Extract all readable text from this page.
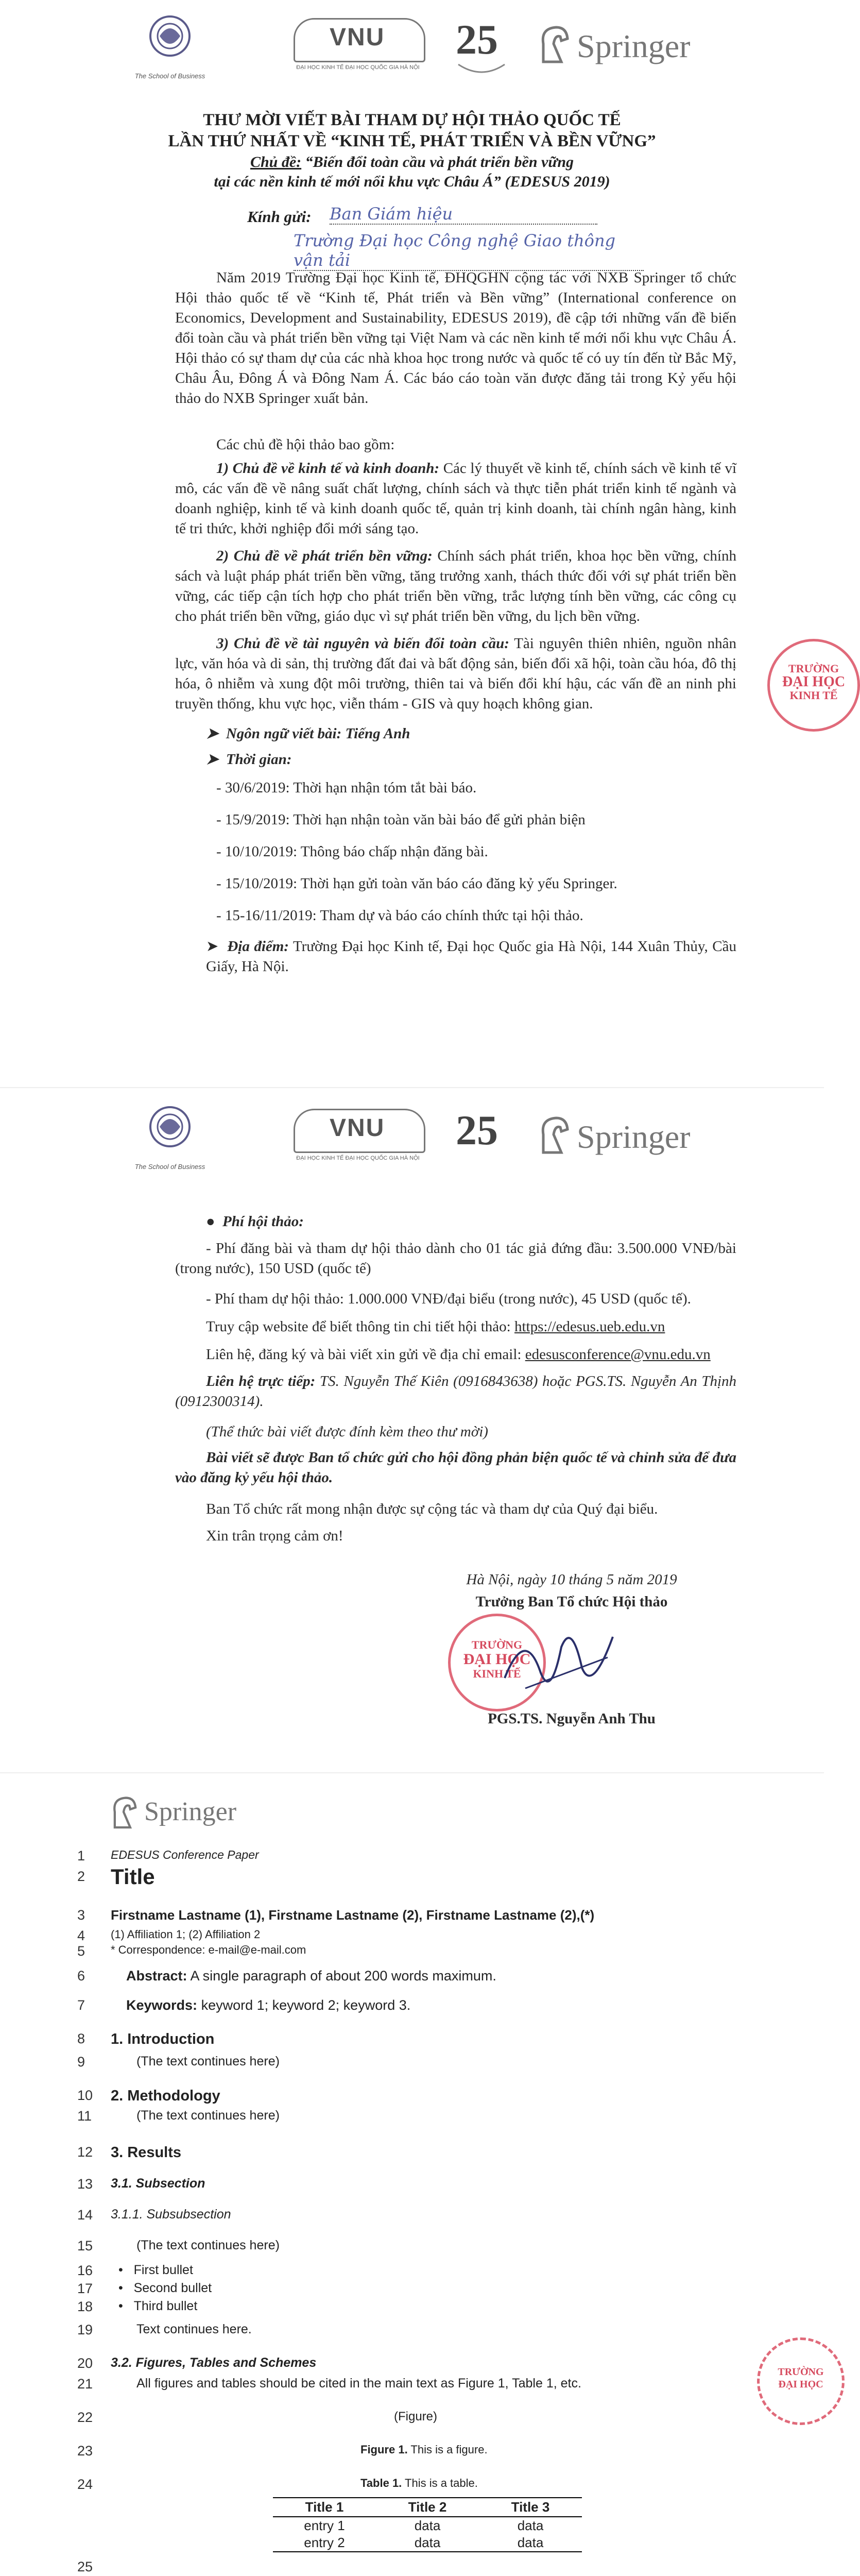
The School of Business
VNU
ĐẠI HỌC KINH TẾ ĐẠI HỌC QUỐC GIA HÀ NỘI
25 Springer
THƯ MỜI VIẾT BÀI THAM DỰ HỘI THẢO QUỐC TẾ
LẦN THỨ NHẤT VỀ “KINH TẾ, PHÁT TRIỂN VÀ BỀN VỮNG”
Chủ đề: “Biến đổi toàn cầu và phát triển bền vững
tại các nền kinh tế mới nổi khu vực Châu Á” (EDESUS 2019)
Kính gửi: Ban Giám hiệu
Trường Đại học Công nghệ Giao thông vận tải
Năm 2019 Trường Đại học Kinh tế, ĐHQGHN cộng tác với NXB Springer tổ chức Hội thảo quốc tế về “Kinh tế, Phát triển và Bền vững” (International conference on Economics, Development and Sustainability, EDESUS 2019), đề cập tới những vấn đề biến đổi toàn cầu và phát triển bền vững tại Việt Nam và các nền kinh tế mới nổi khu vực Châu Á. Hội thảo có sự tham dự của các nhà khoa học trong nước và quốc tế có uy tín đến từ Bắc Mỹ, Châu Âu, Đông Á và Đông Nam Á. Các báo cáo toàn văn được đăng tải trong Kỷ yếu hội thảo do NXB Springer xuất bản.
Các chủ đề hội thảo bao gồm:
1) Chủ đề về kinh tế và kinh doanh: Các lý thuyết về kinh tế, chính sách về kinh tế vĩ mô, các vấn đề về nâng suất chất lượng, chính sách và thực tiễn phát triển kinh tế ngành và doanh nghiệp, kinh tế và kinh doanh quốc tế, quản trị kinh doanh, tài chính ngân hàng, kinh tế tri thức, khởi nghiệp đổi mới sáng tạo.
2) Chủ đề về phát triển bền vững: Chính sách phát triển, khoa học bền vững, chính sách và luật pháp phát triển bền vững, tăng trưởng xanh, thách thức đối với sự phát triển bền vững, các tiếp cận tích hợp cho phát triển bền vững, trắc lượng tính bền vững, các công cụ cho phát triển bền vững, giáo dục vì sự phát triển bền vững, du lịch bền vững.
3) Chủ đề về tài nguyên và biến đổi toàn cầu: Tài nguyên thiên nhiên, nguồn nhân lực, văn hóa và di sản, thị trường đất đai và bất động sản, biến đổi xã hội, toàn cầu hóa, đô thị hóa, ô nhiễm và xung đột môi trường, thiên tai và biến đổi khí hậu, các vấn đề an ninh phi truyền thống, khu vực học, viễn thám - GIS và quy hoạch không gian.
➤  Ngôn ngữ viết bài: Tiếng Anh
➤  Thời gian:
- 30/6/2019: Thời hạn nhận tóm tắt bài báo.
- 15/9/2019: Thời hạn nhận toàn văn bài báo để gửi phản biện
- 10/10/2019: Thông báo chấp nhận đăng bài.
- 15/10/2019: Thời hạn gửi toàn văn báo cáo đăng kỷ yếu Springer.
- 15-16/11/2019: Tham dự và báo cáo chính thức tại hội thảo.
➤  Địa điểm: Trường Đại học Kinh tế, Đại học Quốc gia Hà Nội, 144 Xuân Thủy, Cầu Giấy, Hà Nội.
TRƯỜNG
ĐẠI HỌC
KINH TẾ
The School of Business
VNU
ĐẠI HỌC KINH TẾ ĐẠI HỌC QUỐC GIA HÀ NỘI
25 Springer
●  Phí hội thảo:
- Phí đăng bài và tham dự hội thảo dành cho 01 tác giả đứng đầu: 3.500.000 VNĐ/bài (trong nước), 150 USD (quốc tế)
- Phí tham dự hội thảo: 1.000.000 VNĐ/đại biểu (trong nước), 45 USD (quốc tế).
Truy cập website để biết thông tin chi tiết hội thảo: https://edesus.ueb.edu.vn
Liên hệ, đăng ký và bài viết xin gửi về địa chỉ email: edesusconference@vnu.edu.vn
Liên hệ trực tiếp: TS. Nguyễn Thế Kiên (0916843638) hoặc PGS.TS. Nguyễn An Thịnh (0912300314).
(Thể thức bài viết được đính kèm theo thư mời)
Bài viết sẽ được Ban tổ chức gửi cho hội đồng phản biện quốc tế và chỉnh sửa để đưa vào đăng kỷ yếu hội thảo.
Ban Tổ chức rất mong nhận được sự cộng tác và tham dự của Quý đại biểu.
Xin trân trọng cảm ơn!
Hà Nội, ngày 10 tháng 5 năm 2019
Trưởng Ban Tổ chức Hội thảo
TRƯỜNG
ĐẠI HỌC
KINH TẾ
PGS.TS. Nguyễn Anh Thu
Springer
1	EDESUS Conference Paper
2	Title
3	Firstname Lastname (1), Firstname Lastname (2), Firstname Lastname (2),(*)
4	(1) Affiliation 1; (2) Affiliation 2
5	* Correspondence: e-mail@e-mail.com
6	Abstract: A single paragraph of about 200 words maximum.
7	Keywords: keyword 1; keyword 2; keyword 3.
8	1. Introduction
9	(The text continues here)
10	2. Methodology
11	(The text continues here)
12	3. Results
13	3.1. Subsection
14	3.1.1. Subsubsection
15	(The text continues here)
16	•   First bullet
17	•   Second bullet
18	•   Third bullet
19	Text continues here.
20	3.2. Figures, Tables and Schemes
21	All figures and tables should be cited in the main text as Figure 1, Table 1, etc.
22	(Figure)
23	Figure 1. This is a figure.
24	Table 1. This is a table.
Title 1	Title 2	Title 3
entry 1	data	data
entry 2	data	data
25
TRƯỜNG
ĐẠI HỌC
